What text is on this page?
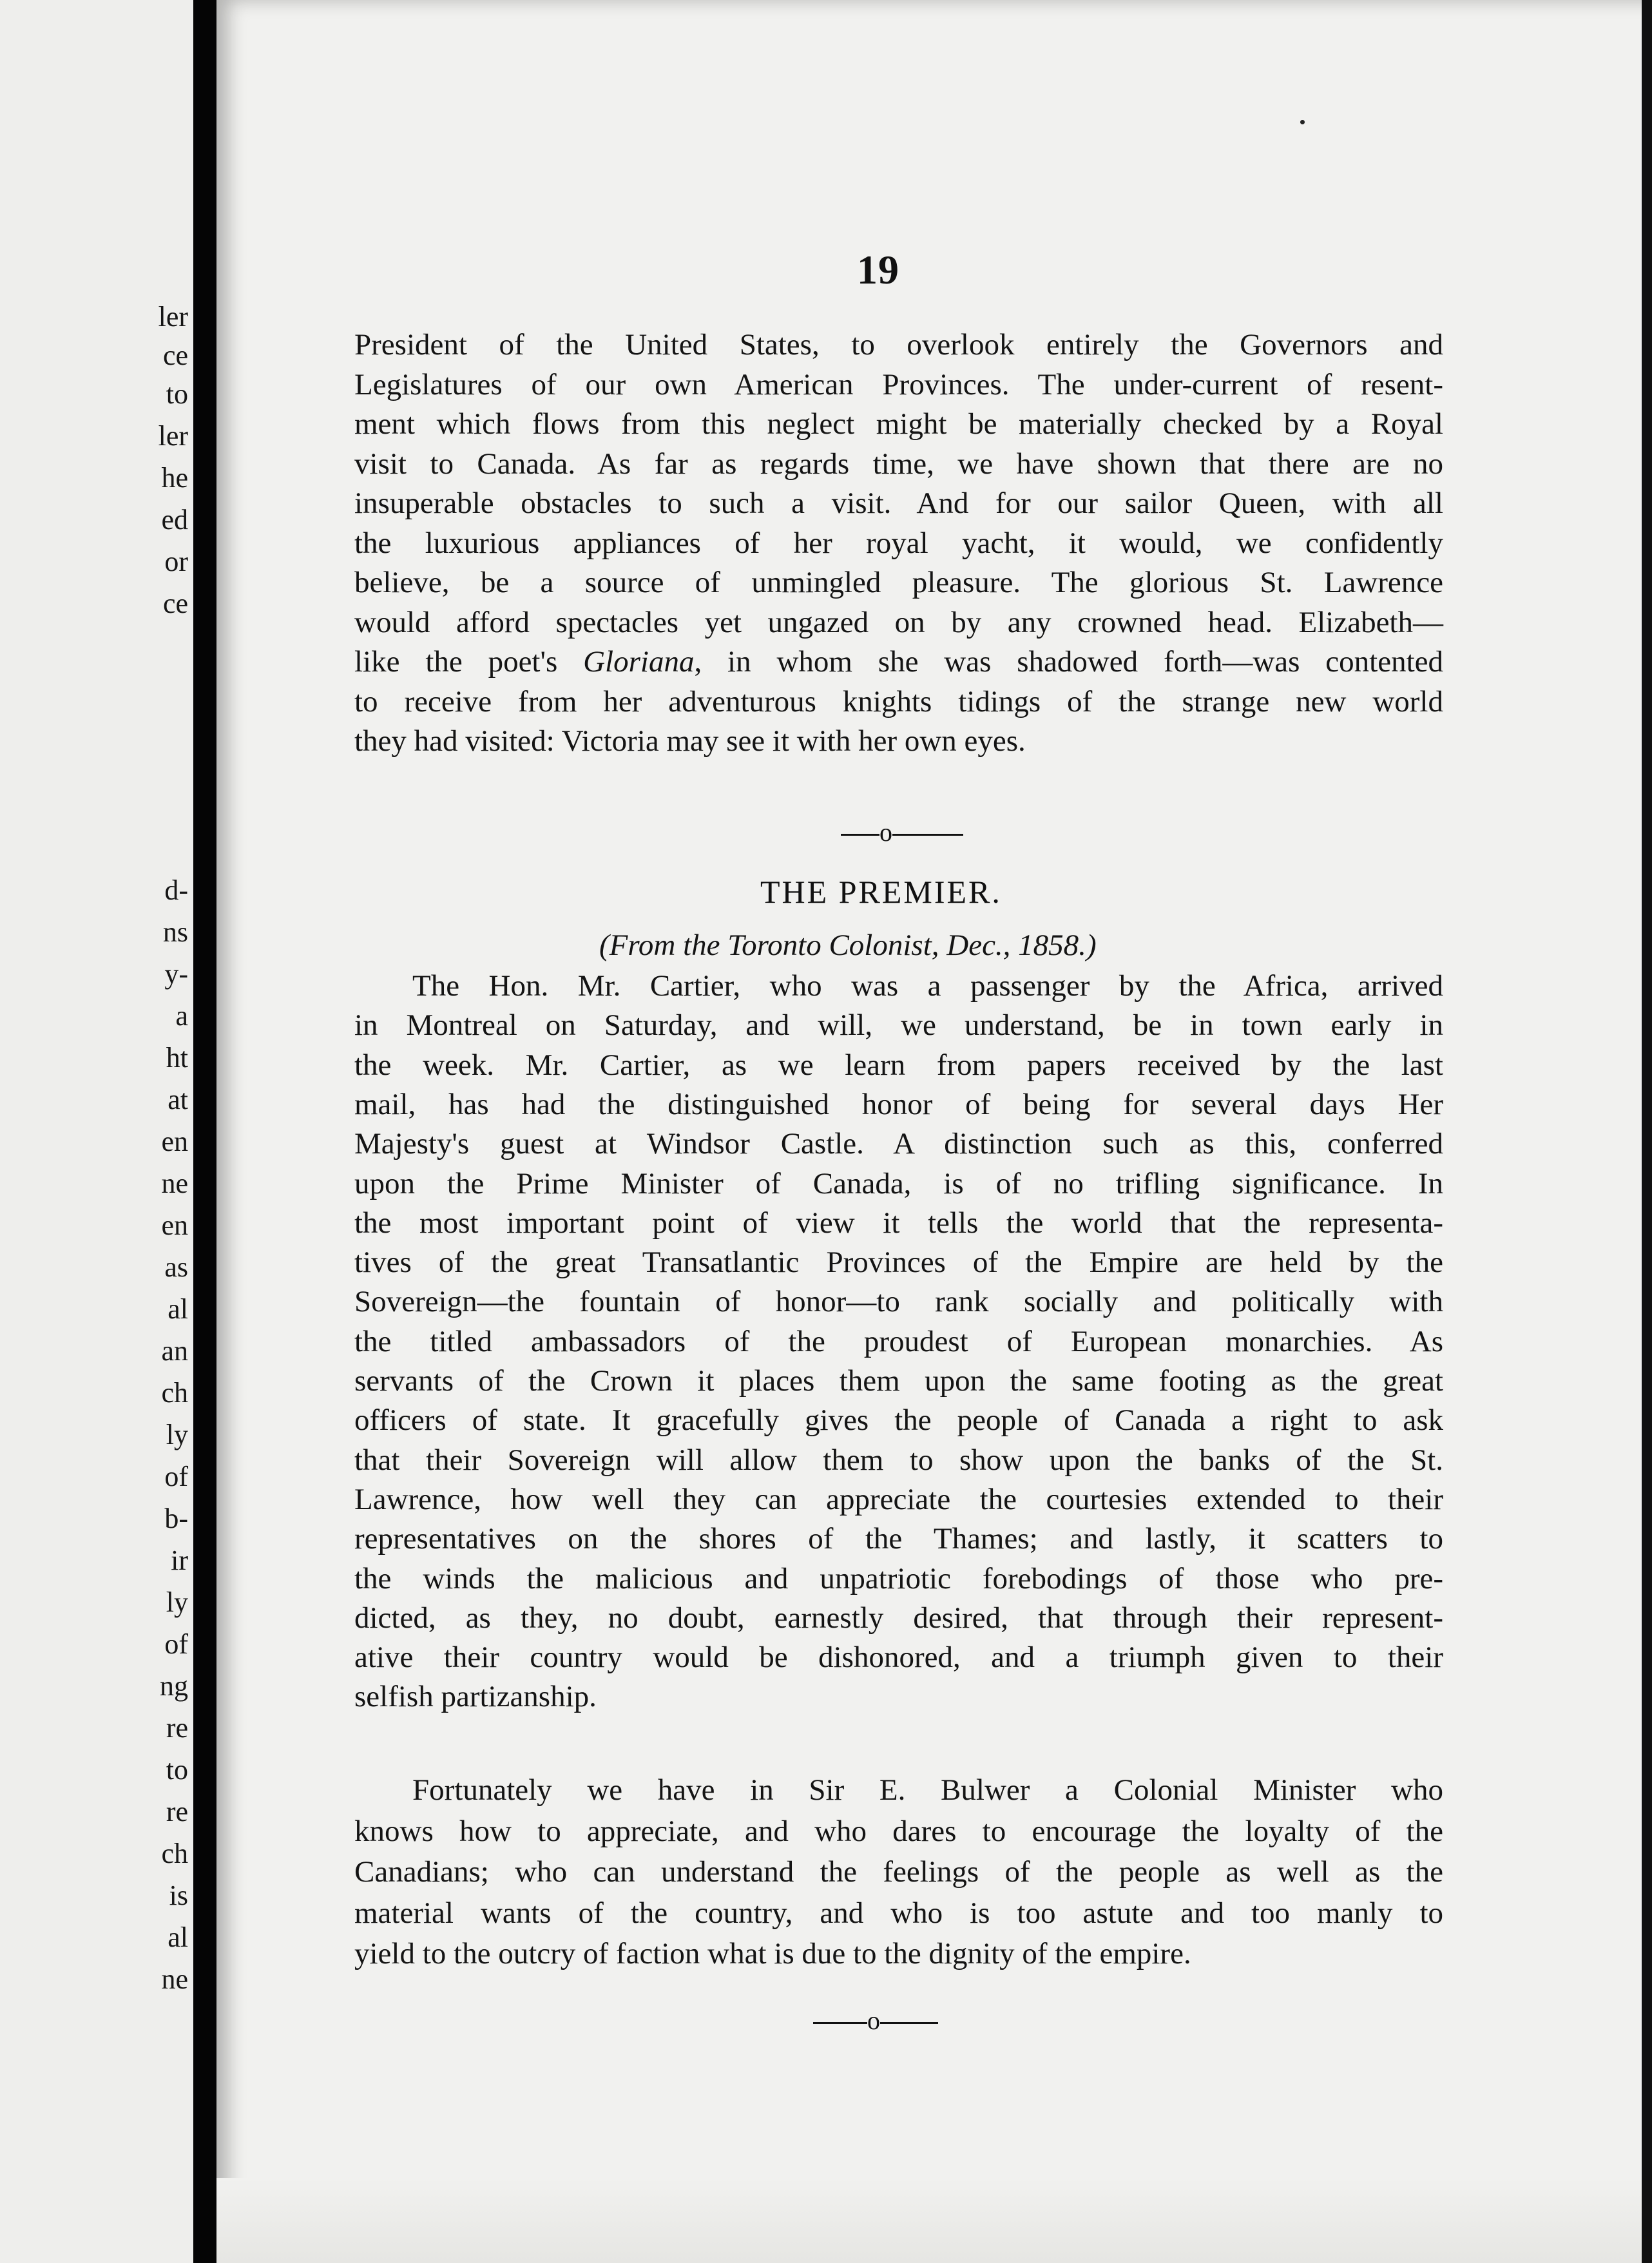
ler
ce
to
ler
he
ed
or
ce
d-
ns
y-
a
ht
at
en
ne
en
as
al
an
ch
ly
of
b-
ir
ly
of
ng
re
to
re
ch
is
al
ne
19
President of the United States, to overlook entirely the Governors and
Legislatures of our own American Provinces. The under-current of resent-
ment which flows from this neglect might be materially checked by a Royal
visit to Canada. As far as regards time, we have shown that there are no
insuperable obstacles to such a visit. And for our sailor Queen, with all
the luxurious appliances of her royal yacht, it would, we confidently
believe, be a source of unmingled pleasure. The glorious St. Lawrence
would afford spectacles yet ungazed on by any crowned head. Elizabeth—
like the poet's Gloriana, in whom she was shadowed forth—was contented
to receive from her adventurous knights tidings of the strange new world
they had visited: Victoria may see it with her own eyes.
o
THE PREMIER.
(From the Toronto Colonist, Dec., 1858.)
The Hon. Mr. Cartier, who was a passenger by the Africa, arrived
in Montreal on Saturday, and will, we understand, be in town early in
the week. Mr. Cartier, as we learn from papers received by the last
mail, has had the distinguished honor of being for several days Her
Majesty's guest at Windsor Castle. A distinction such as this, conferred
upon the Prime Minister of Canada, is of no trifling significance. In
the most important point of view it tells the world that the representa-
tives of the great Transatlantic Provinces of the Empire are held by the
Sovereign—the fountain of honor—to rank socially and politically with
the titled ambassadors of the proudest of European monarchies. As
servants of the Crown it places them upon the same footing as the great
officers of state. It gracefully gives the people of Canada a right to ask
that their Sovereign will allow them to show upon the banks of the St.
Lawrence, how well they can appreciate the courtesies extended to their
representatives on the shores of the Thames; and lastly, it scatters to
the winds the malicious and unpatriotic forebodings of those who pre-
dicted, as they, no doubt, earnestly desired, that through their represent-
ative their country would be dishonored, and a triumph given to their
selfish partizanship.
Fortunately we have in Sir E. Bulwer a Colonial Minister who
knows how to appreciate, and who dares to encourage the loyalty of the
Canadians; who can understand the feelings of the people as well as the
material wants of the country, and who is too astute and too manly to
yield to the outcry of faction what is due to the dignity of the empire.
o
